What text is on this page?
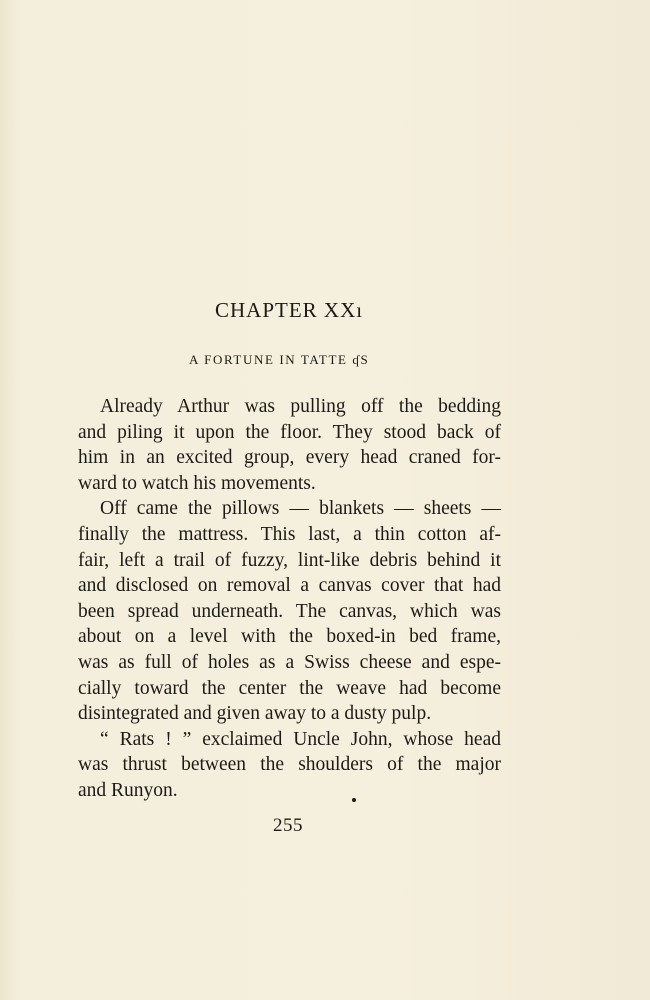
CHAPTER XXı
A FORTUNE IN TATTE ʠS

Already Arthur was pulling off the bedding
and piling it upon the floor. They stood back of
him in an excited group, every head craned for-
ward to watch his movements.

Off came the pillows — blankets — sheets —
finally the mattress. This last, a thin cotton af-
fair, left a trail of fuzzy, lint-like debris behind it
and disclosed on removal a canvas cover that had
been spread underneath. The canvas, which was
about on a level with the boxed-in bed frame,
was as full of holes as a Swiss cheese and espe-
cially toward the center the weave had become
disintegrated and given away to a dusty pulp.

“ Rats ! ” exclaimed Uncle John, whose head
was thrust between the shoulders of the major
and Runyon.

255
